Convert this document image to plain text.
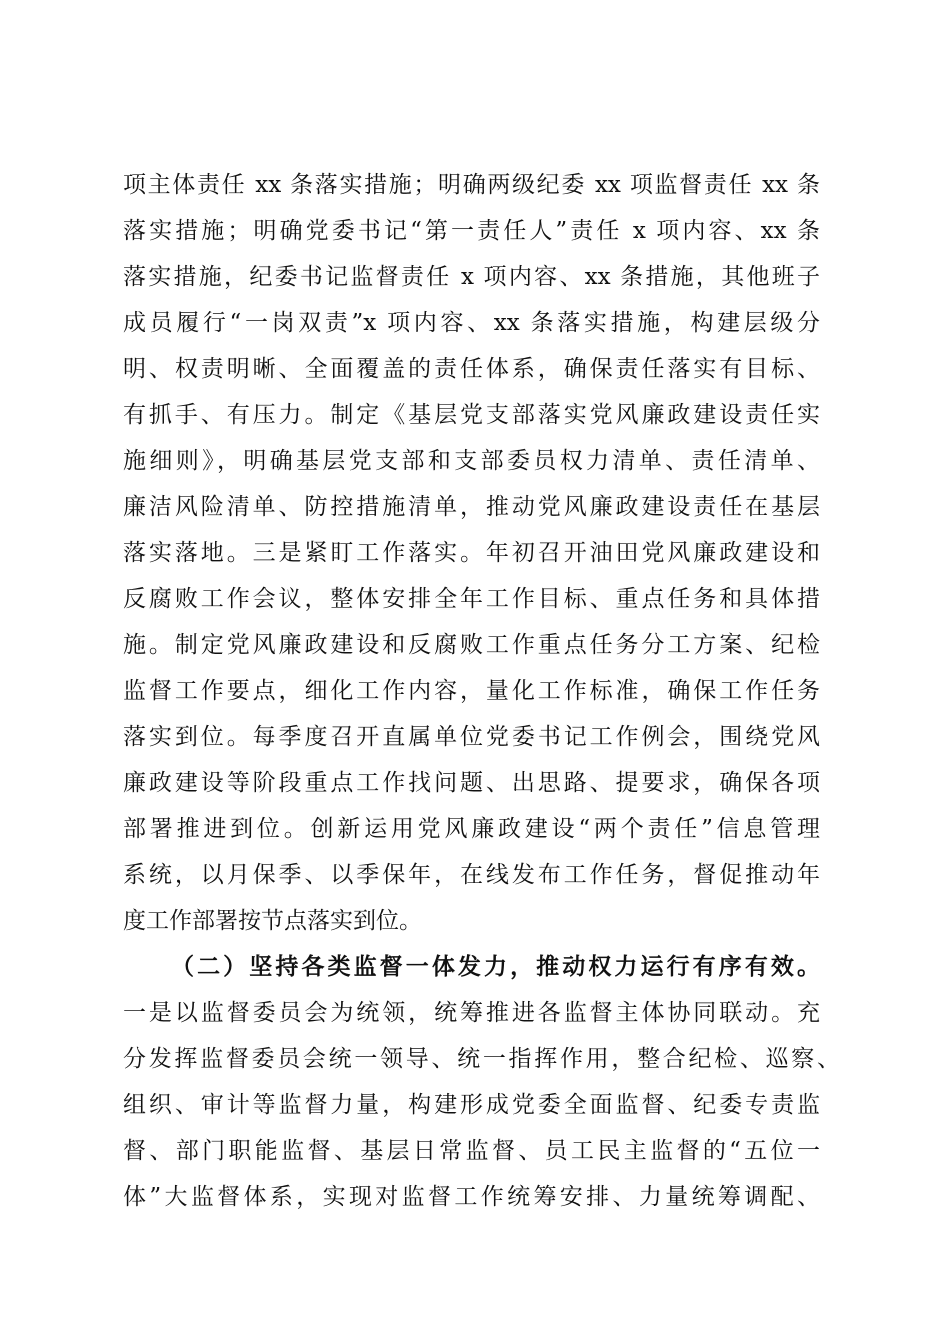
项主体责任 xx 条落实措施；明确两级纪委 xx 项监督责任 xx 条
落实措施；明确党委书记“第一责任人”责任 x 项内容、xx 条
落实措施，纪委书记监督责任 x 项内容、xx 条措施，其他班子
成员履行“一岗双责”x 项内容、xx 条落实措施，构建层级分
明、权责明晰、全面覆盖的责任体系，确保责任落实有目标、
有抓手、有压力。制定《基层党支部落实党风廉政建设责任实
施细则》，明确基层党支部和支部委员权力清单、责任清单、
廉洁风险清单、防控措施清单，推动党风廉政建设责任在基层
落实落地。三是紧盯工作落实。年初召开油田党风廉政建设和
反腐败工作会议，整体安排全年工作目标、重点任务和具体措
施。制定党风廉政建设和反腐败工作重点任务分工方案、纪检
监督工作要点，细化工作内容，量化工作标准，确保工作任务
落实到位。每季度召开直属单位党委书记工作例会，围绕党风
廉政建设等阶段重点工作找问题、出思路、提要求，确保各项
部署推进到位。创新运用党风廉政建设“两个责任”信息管理
系统，以月保季、以季保年，在线发布工作任务，督促推动年
度工作部署按节点落实到位。
（二）坚持各类监督一体发力，推动权力运行有序有效。
一是以监督委员会为统领，统筹推进各监督主体协同联动。充
分发挥监督委员会统一领导、统一指挥作用，整合纪检、巡察、
组织、审计等监督力量，构建形成党委全面监督、纪委专责监
督、部门职能监督、基层日常监督、员工民主监督的“五位一
体”大监督体系，实现对监督工作统筹安排、力量统筹调配、
